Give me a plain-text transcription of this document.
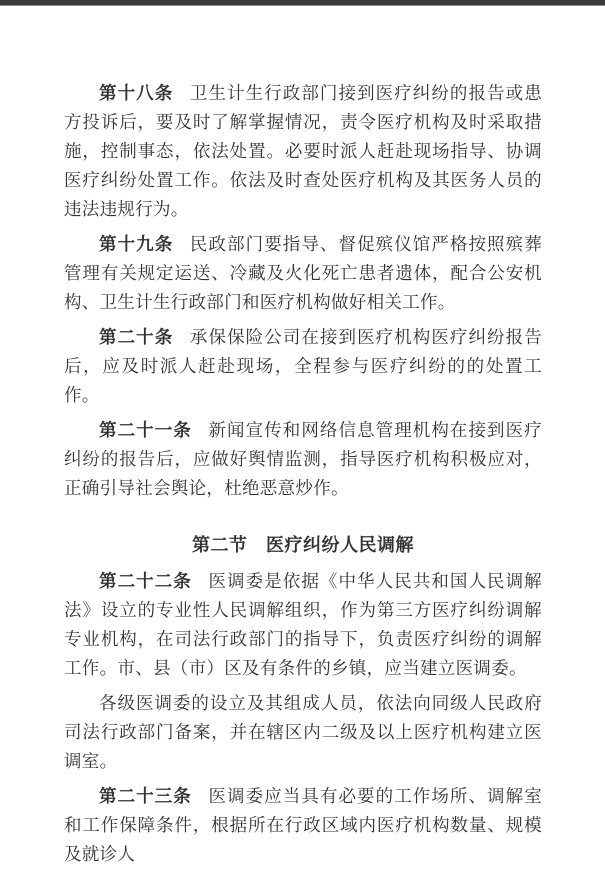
第十八条 卫生计生行政部门接到医疗纠纷的报告或患方投诉后，要及时了解掌握情况，责令医疗机构及时采取措施，控制事态，依法处置。必要时派人赶赴现场指导、协调医疗纠纷处置工作。依法及时查处医疗机构及其医务人员的违法违规行为。

第十九条 民政部门要指导、督促殡仪馆严格按照殡葬管理有关规定运送、冷藏及火化死亡患者遗体，配合公安机构、卫生计生行政部门和医疗机构做好相关工作。

第二十条 承保保险公司在接到医疗机构医疗纠纷报告后，应及时派人赶赴现场，全程参与医疗纠纷的的处置工作。

第二十一条 新闻宣传和网络信息管理机构在接到医疗纠纷的报告后，应做好舆情监测，指导医疗机构积极应对，正确引导社会舆论，杜绝恶意炒作。

第二节　医疗纠纷人民调解

第二十二条 医调委是依据《中华人民共和国人民调解法》设立的专业性人民调解组织，作为第三方医疗纠纷调解专业机构，在司法行政部门的指导下，负责医疗纠纷的调解工作。市、县（市）区及有条件的乡镇，应当建立医调委。

各级医调委的设立及其组成人员，依法向同级人民政府司法行政部门备案，并在辖区内二级及以上医疗机构建立医调室。

第二十三条 医调委应当具有必要的工作场所、调解室和工作保障条件，根据所在行政区域内医疗机构数量、规模及就诊人
